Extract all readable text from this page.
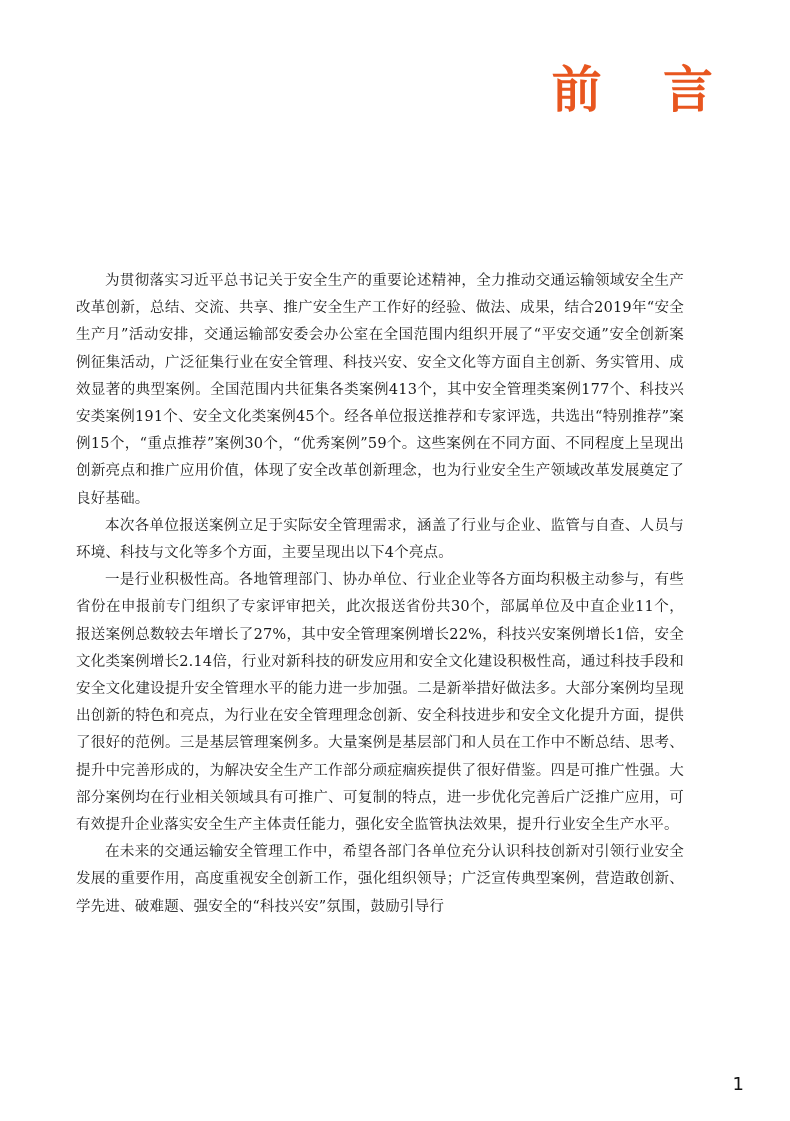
前 言

为贯彻落实习近平总书记关于安全生产的重要论述精神，全力推动交通运输领域安全生产改革创新，总结、交流、共享、推广安全生产工作好的经验、做法、成果，结合2019年“安全生产月”活动安排，交通运输部安委会办公室在全国范围内组织开展了“平安交通”安全创新案例征集活动，广泛征集行业在安全管理、科技兴安、安全文化等方面自主创新、务实管用、成效显著的典型案例。全国范围内共征集各类案例413个，其中安全管理类案例177个、科技兴安类案例191个、安全文化类案例45个。经各单位报送推荐和专家评选，共选出“特别推荐”案例15个，“重点推荐”案例30个，“优秀案例”59个。这些案例在不同方面、不同程度上呈现出创新亮点和推广应用价值，体现了安全改革创新理念，也为行业安全生产领域改革发展奠定了良好基础。

本次各单位报送案例立足于实际安全管理需求，涵盖了行业与企业、监管与自查、人员与环境、科技与文化等多个方面，主要呈现出以下4个亮点。

一是行业积极性高。各地管理部门、协办单位、行业企业等各方面均积极主动参与，有些省份在申报前专门组织了专家评审把关，此次报送省份共30个，部属单位及中直企业11个，报送案例总数较去年增长了27%，其中安全管理案例增长22%，科技兴安案例增长1倍，安全文化类案例增长2.14倍，行业对新科技的研发应用和安全文化建设积极性高，通过科技手段和安全文化建设提升安全管理水平的能力进一步加强。二是新举措好做法多。大部分案例均呈现出创新的特色和亮点，为行业在安全管理理念创新、安全科技进步和安全文化提升方面，提供了很好的范例。三是基层管理案例多。大量案例是基层部门和人员在工作中不断总结、思考、提升中完善形成的，为解决安全生产工作部分顽症痼疾提供了很好借鉴。四是可推广性强。大部分案例均在行业相关领域具有可推广、可复制的特点，进一步优化完善后广泛推广应用，可有效提升企业落实安全生产主体责任能力，强化安全监管执法效果，提升行业安全生产水平。

在未来的交通运输安全管理工作中，希望各部门各单位充分认识科技创新对引领行业安全发展的重要作用，高度重视安全创新工作，强化组织领导；广泛宣传典型案例，营造敢创新、学先进、破难题、强安全的“科技兴安”氛围，鼓励引导行

1
